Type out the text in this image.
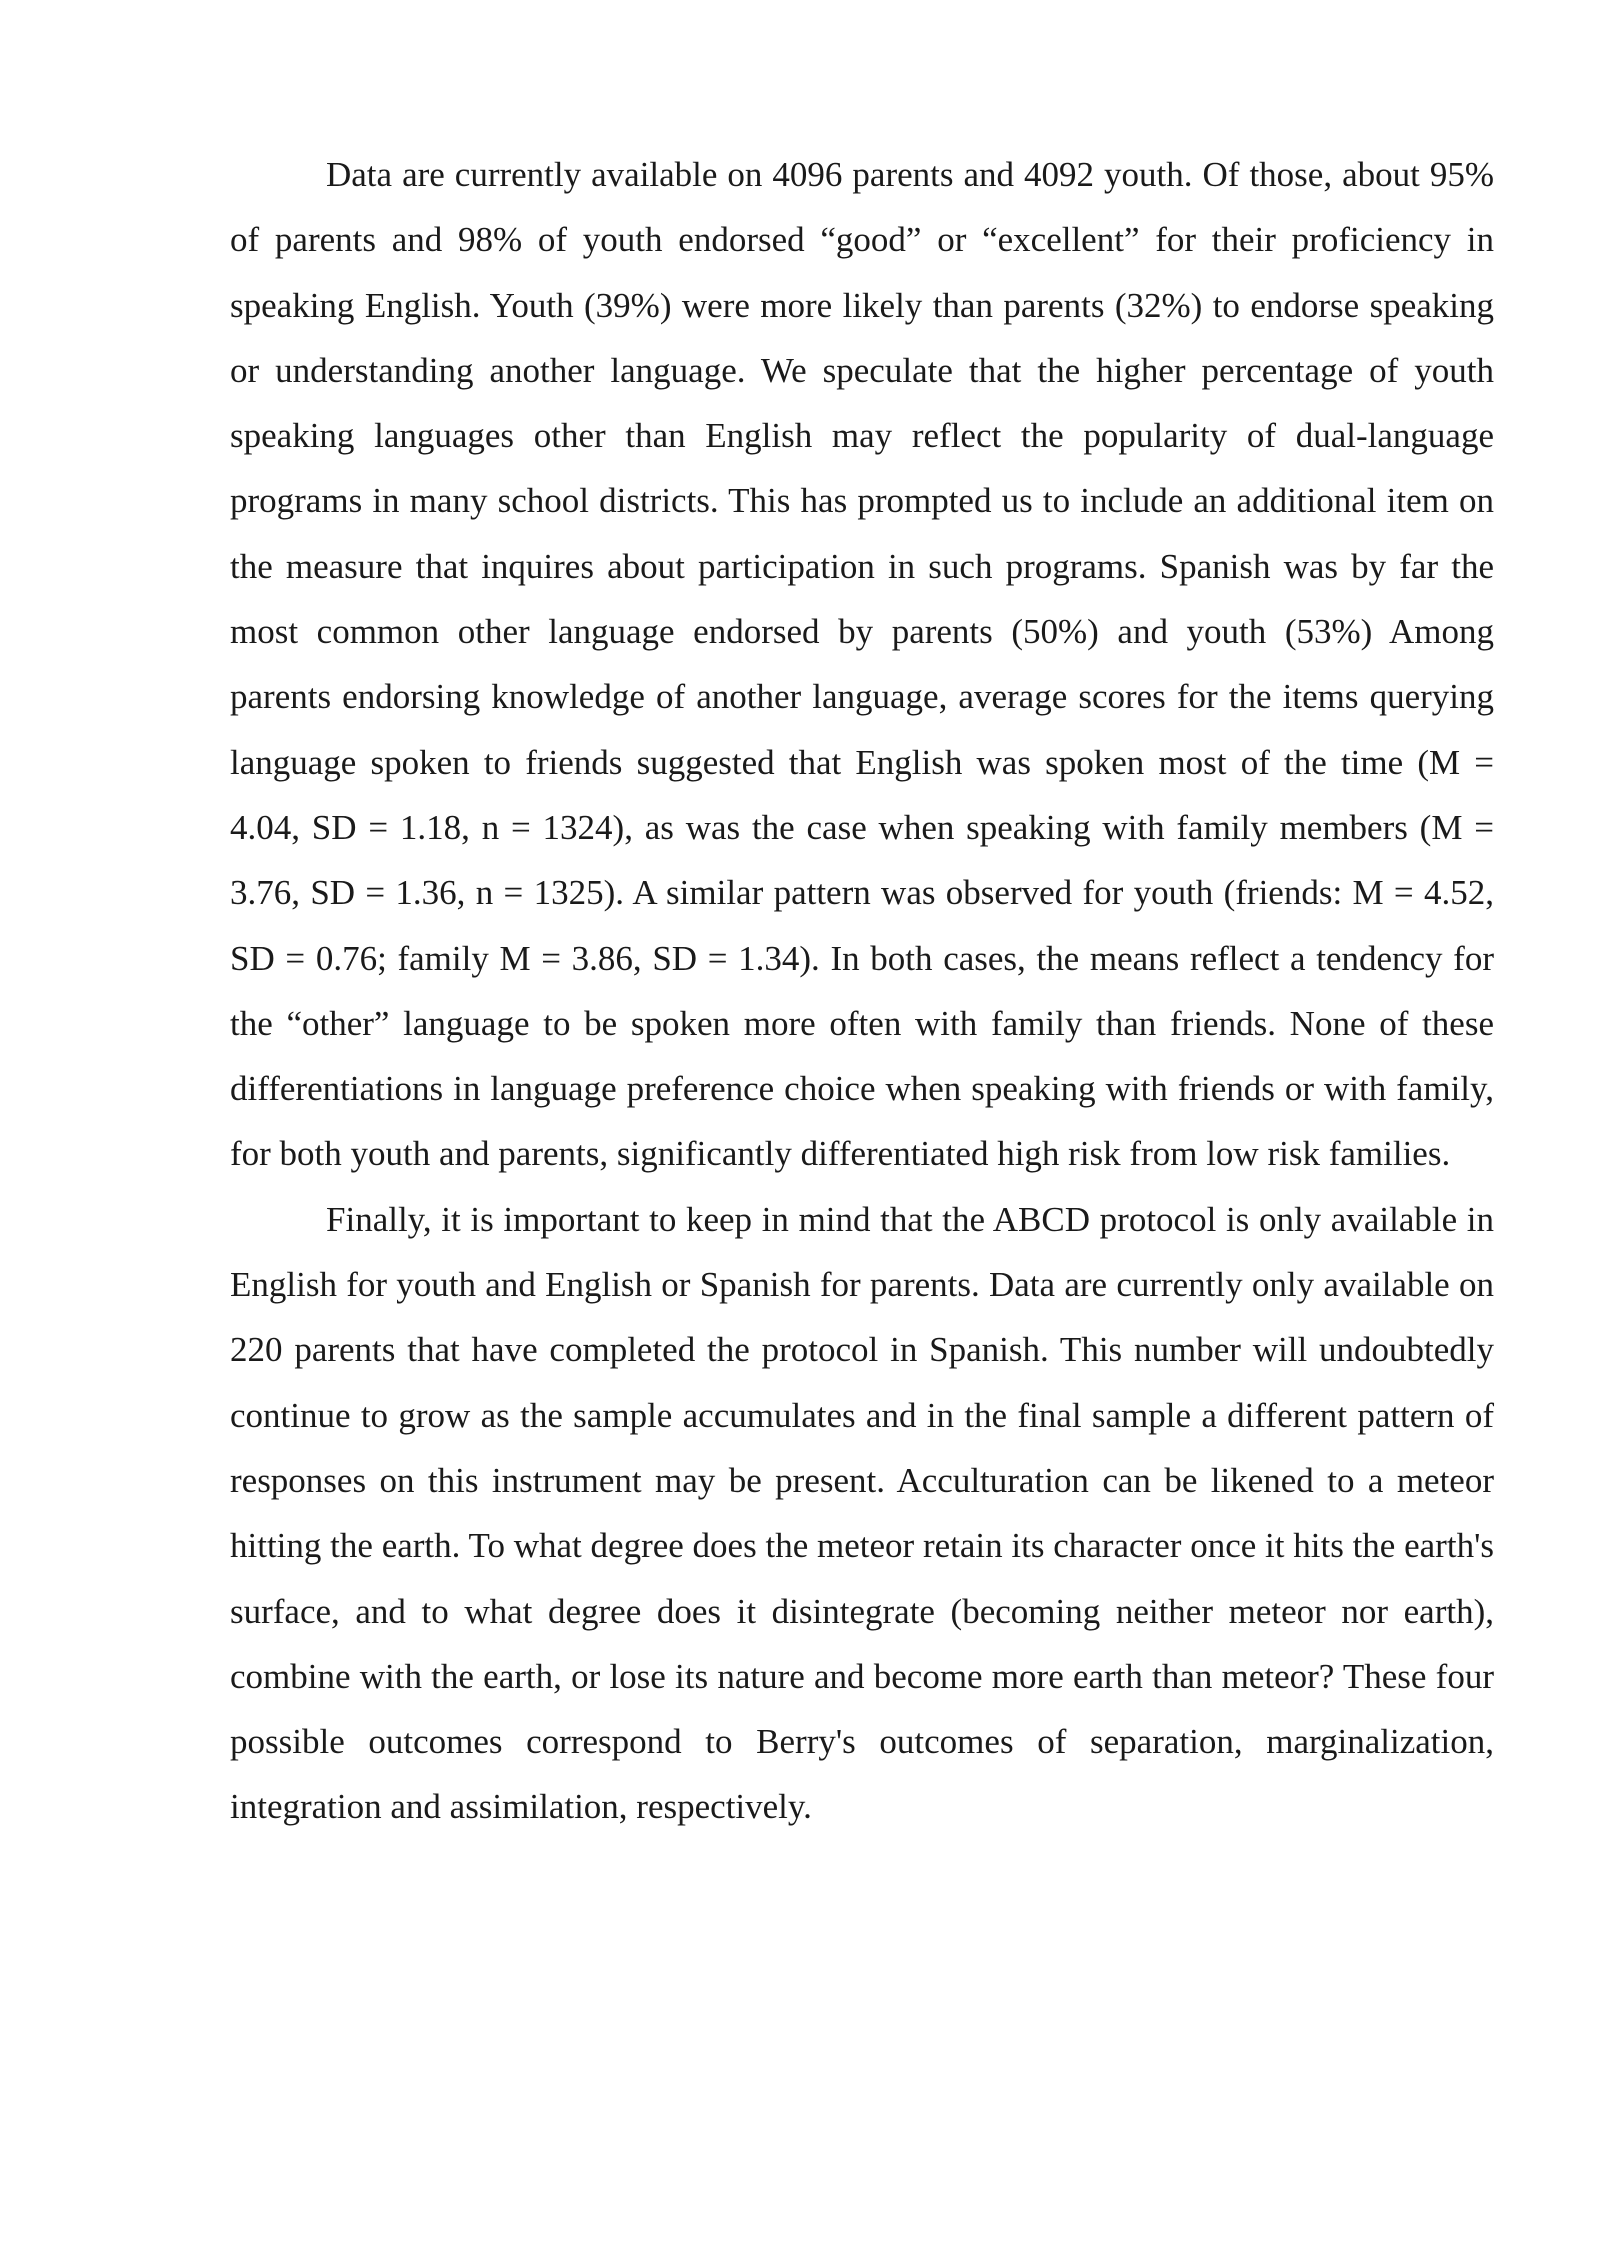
Data are currently available on 4096 parents and 4092 youth. Of those, about 95% of parents and 98% of youth endorsed “good” or “excellent” for their proficiency in speaking English. Youth (39%) were more likely than parents (32%) to endorse speaking or understanding another language. We speculate that the higher percentage of youth speaking languages other than English may reflect the popularity of dual-language programs in many school districts. This has prompted us to include an additional item on the measure that inquires about participation in such programs. Spanish was by far the most common other language endorsed by parents (50%) and youth (53%) Among parents endorsing knowledge of another language, average scores for the items querying language spoken to friends suggested that English was spoken most of the time (M = 4.04, SD = 1.18, n = 1324), as was the case when speaking with family members (M = 3.76, SD = 1.36, n = 1325). A similar pattern was observed for youth (friends: M = 4.52, SD = 0.76; family M = 3.86, SD = 1.34). In both cases, the means reflect a tendency for the “other” language to be spoken more often with family than friends. None of these differentiations in language preference choice when speaking with friends or with family, for both youth and parents, significantly differentiated high risk from low risk families.

Finally, it is important to keep in mind that the ABCD protocol is only available in English for youth and English or Spanish for parents. Data are currently only available on 220 parents that have completed the protocol in Spanish. This number will undoubtedly continue to grow as the sample accumulates and in the final sample a different pattern of responses on this instrument may be present. Acculturation can be likened to a meteor hitting the earth. To what degree does the meteor retain its character once it hits the earth's surface, and to what degree does it disintegrate (becoming neither meteor nor earth), combine with the earth, or lose its nature and become more earth than meteor? These four possible outcomes correspond to Berry's outcomes of separation, marginalization, integration and assimilation, respectively.
